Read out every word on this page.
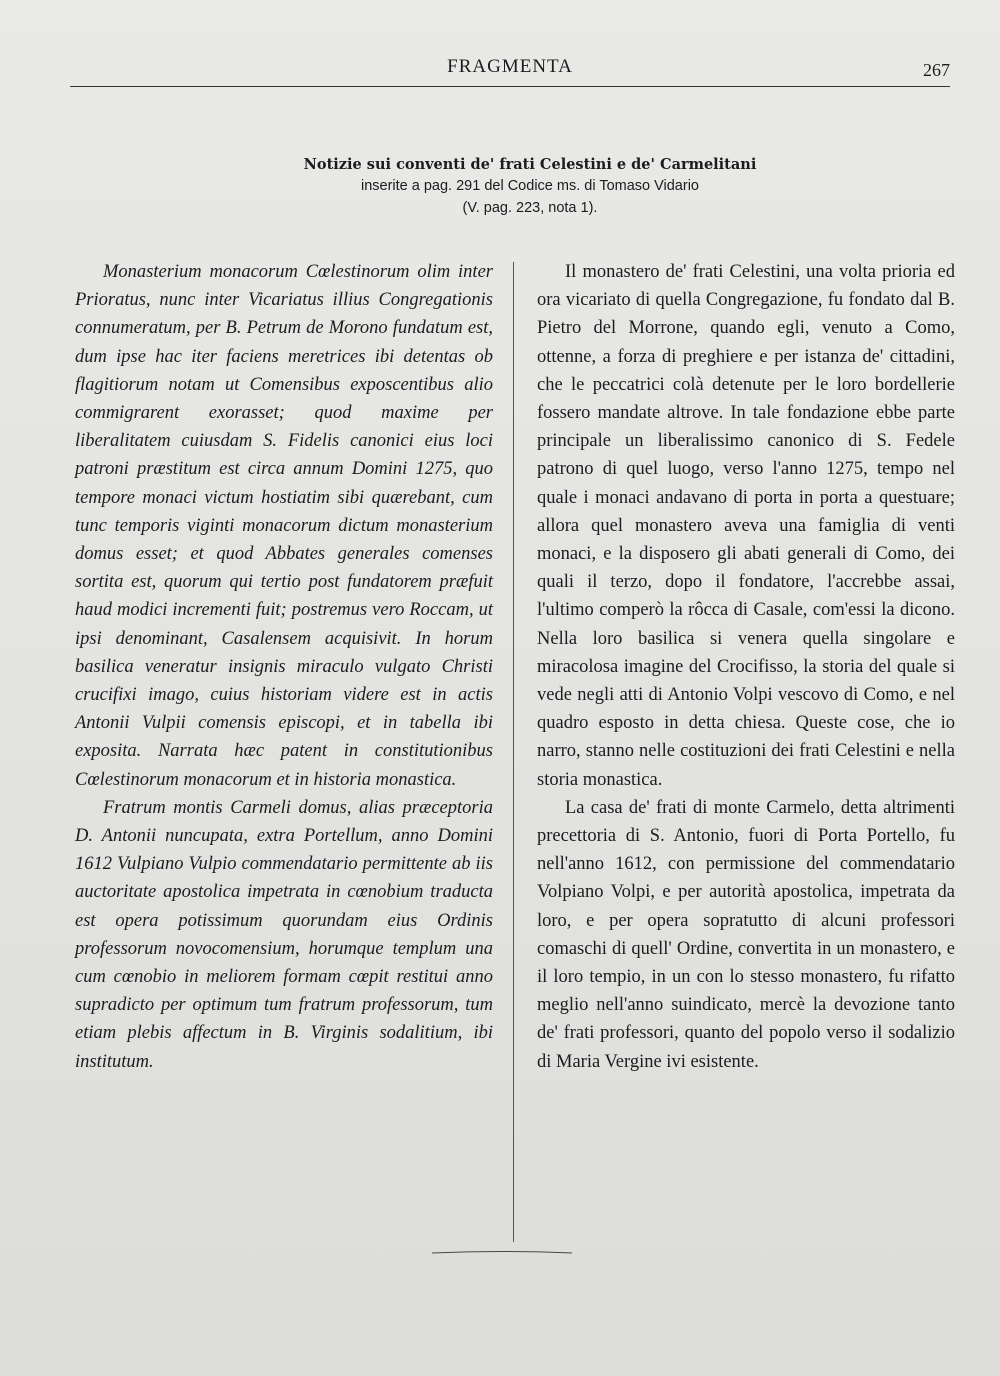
FRAGMENTA	267
Notizie sui conventi de' frati Celestini e de' Carmelitani
inserite a pag. 291 del Codice ms. di Tomaso Vidario
(V. pag. 223, nota 1).

Monasterium monacorum Cœlestinorum olim inter Prioratus, nunc inter Vicariatus illius Congregationis connumeratum, per B. Petrum de Morono fundatum est, dum ipse hac iter faciens meretrices ibi detentas ob flagitiorum notam ut Comensibus exposcentibus alio commigrarent exorasset; quod maxime per liberalitatem cuiusdam S. Fidelis canonici eius loci patroni præstitum est circa annum Domini 1275, quo tempore monaci victum hostiatim sibi quærebant, cum tunc temporis viginti monacorum dictum monasterium domus esset; et quod Abbates generales comenses sortita est, quorum qui tertio post fundatorem præfuit haud modici incrementi fuit; postremus vero Roccam, ut ipsi denominant, Casalensem acquisivit. In horum basilica veneratur insignis miraculo vulgato Christi crucifixi imago, cuius historiam videre est in actis Antonii Vulpii comensis episcopi, et in tabella ibi exposita. Narrata hæc patent in constitutionibus Cœlestinorum monacorum et in historia monastica.

Fratrum montis Carmeli domus, alias præceptoria D. Antonii nuncupata, extra Portellum, anno Domini 1612 Vulpiano Vulpio commendatario permittente ab iis auctoritate apostolica impetrata in cœnobium traducta est opera potissimum quorundam eius Ordinis professorum novocomensium, horumque templum una cum cœnobio in meliorem formam cœpit restitui anno supradicto per optimum tum fratrum professorum, tum etiam plebis affectum in B. Virginis sodalitium, ibi institutum.

Il monastero de' frati Celestini, una volta prioria ed ora vicariato di quella Congregazione, fu fondato dal B. Pietro del Morrone, quando egli, venuto a Como, ottenne, a forza di preghiere e per istanza de' cittadini, che le peccatrici colà detenute per le loro bordellerie fossero mandate altrove. In tale fondazione ebbe parte principale un liberalissimo canonico di S. Fedele patrono di quel luogo, verso l'anno 1275, tempo nel quale i monaci andavano di porta in porta a questuare; allora quel monastero aveva una famiglia di venti monaci, e la disposero gli abati generali di Como, dei quali il terzo, dopo il fondatore, l'accrebbe assai, l'ultimo comperò la rôcca di Casale, com'essi la dicono. Nella loro basilica si venera quella singolare e miracolosa imagine del Crocifisso, la storia del quale si vede negli atti di Antonio Volpi vescovo di Como, e nel quadro esposto in detta chiesa. Queste cose, che io narro, stanno nelle costituzioni dei frati Celestini e nella storia monastica.

La casa de' frati di monte Carmelo, detta altrimenti precettoria di S. Antonio, fuori di Porta Portello, fu nell'anno 1612, con permissione del commendatario Volpiano Volpi, e per autorità apostolica, impetrata da loro, e per opera sopratutto di alcuni professori comaschi di quell' Ordine, convertita in un monastero, e il loro tempio, in un con lo stesso monastero, fu rifatto meglio nell'anno suindicato, mercè la devozione tanto de' frati professori, quanto del popolo verso il sodalizio di Maria Vergine ivi esistente.
